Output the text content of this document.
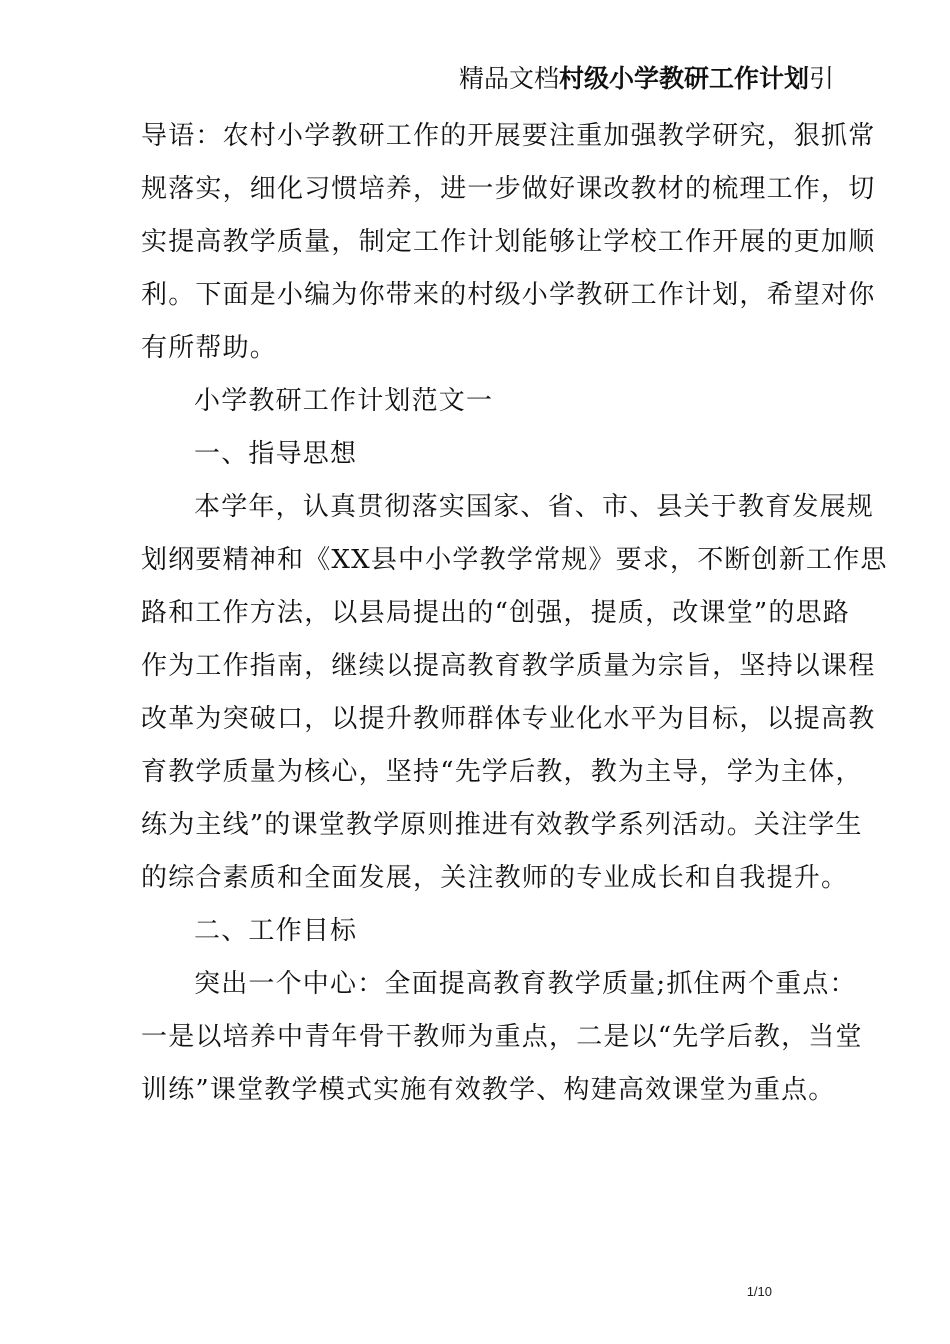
精品文档村级小学教研工作计划引
导语：农村小学教研工作的开展要注重加强教学研究，狠抓常
规落实，细化习惯培养，进一步做好课改教材的梳理工作，切
实提高教学质量，制定工作计划能够让学校工作开展的更加顺
利。下面是小编为你带来的村级小学教研工作计划，希望对你
有所帮助。
小学教研工作计划范文一
一、指导思想
本学年，认真贯彻落实国家、省、市、县关于教育发展规
划纲要精神和《XX县中小学教学常规》要求，不断创新工作思
路和工作方法，以县局提出的“创强，提质，改课堂”的思路
作为工作指南，继续以提高教育教学质量为宗旨，坚持以课程
改革为突破口，以提升教师群体专业化水平为目标，以提高教
育教学质量为核心，坚持“先学后教，教为主导，学为主体，
练为主线”的课堂教学原则推进有效教学系列活动。关注学生
的综合素质和全面发展，关注教师的专业成长和自我提升。
二、工作目标
突出一个中心：全面提高教育教学质量;抓住两个重点：
一是以培养中青年骨干教师为重点，二是以“先学后教，当堂
训练”课堂教学模式实施有效教学、构建高效课堂为重点。
1/10
